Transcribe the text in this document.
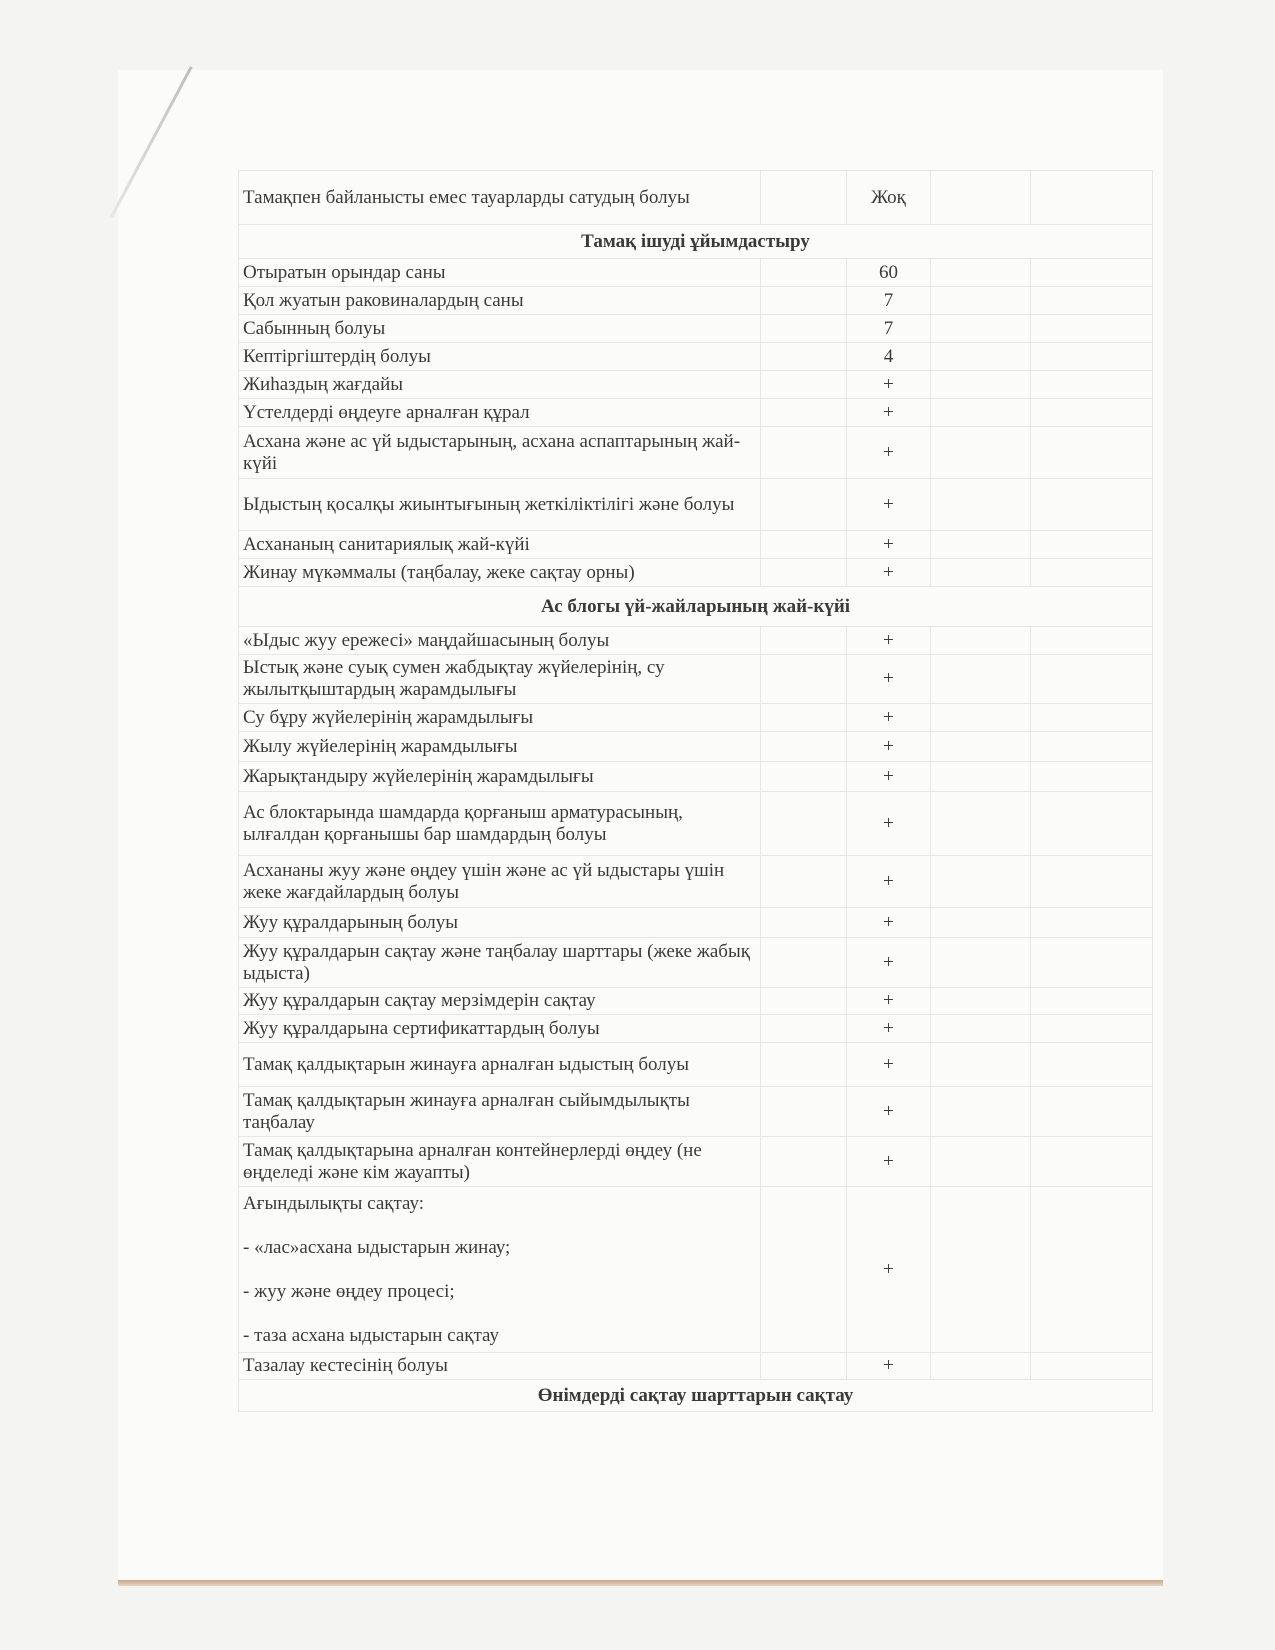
Тамақпен байланысты емес тауарларды сатудың болуы		Жоқ		
Тамақ ішуді ұйымдастыру				
Отыратын орындар саны		60		
Қол жуатын раковиналардың саны		7		
Сабынның болуы		7		
Кептіргіштердің болуы		4		
Жиһаздың жағдайы		+		
Үстелдерді өңдеуге арналған құрал		+		
Асхана және ас үй ыдыстарының, асхана аспаптарының жай-күйі		+		
Ыдыстың қосалқы жиынтығының жеткіліктілігі және болуы		+		
Асхананың санитариялық жай-күйі		+		
Жинау мүкәммалы (таңбалау, жеке сақтау орны)		+		
Ас блогы үй-жайларының жай-күйі				
«Ыдыс жуу ережесі» маңдайшасының болуы		+		
Ыстық және суық сумен жабдықтау жүйелерінің, су жылытқыштардың жарамдылығы		+		
Су бұру жүйелерінің жарамдылығы		+		
Жылу жүйелерінің жарамдылығы		+		
Жарықтандыру жүйелерінің жарамдылығы		+		
Ас блоктарында шамдарда қорғаныш арматурасының, ылғалдан қорғанышы бар шамдардың болуы		+		
Асхананы жуу және өңдеу үшін және ас үй ыдыстары үшін жеке жағдайлардың болуы		+		
Жуу құралдарының болуы		+		
Жуу құралдарын сақтау және таңбалау шарттары (жеке жабық ыдыста)		+		
Жуу құралдарын сақтау мерзімдерін сақтау		+		
Жуу құралдарына сертификаттардың болуы		+		
Тамақ қалдықтарын жинауға арналған ыдыстың болуы		+		
Тамақ қалдықтарын жинауға арналған сыйымдылықты таңбалау		+		
Тамақ қалдықтарына арналған контейнерлерді өңдеу (не өңделеді және кім жауапты)		+		
Ағындылықты сақтау:

- «лас»асхана ыдыстарын жинау;

- жуу және өңдеу процесі;

- таза асхана ыдыстарын сақтау		+		
Тазалау кестесінің болуы		+		
Өнімдерді сақтау шарттарын сақтау				
